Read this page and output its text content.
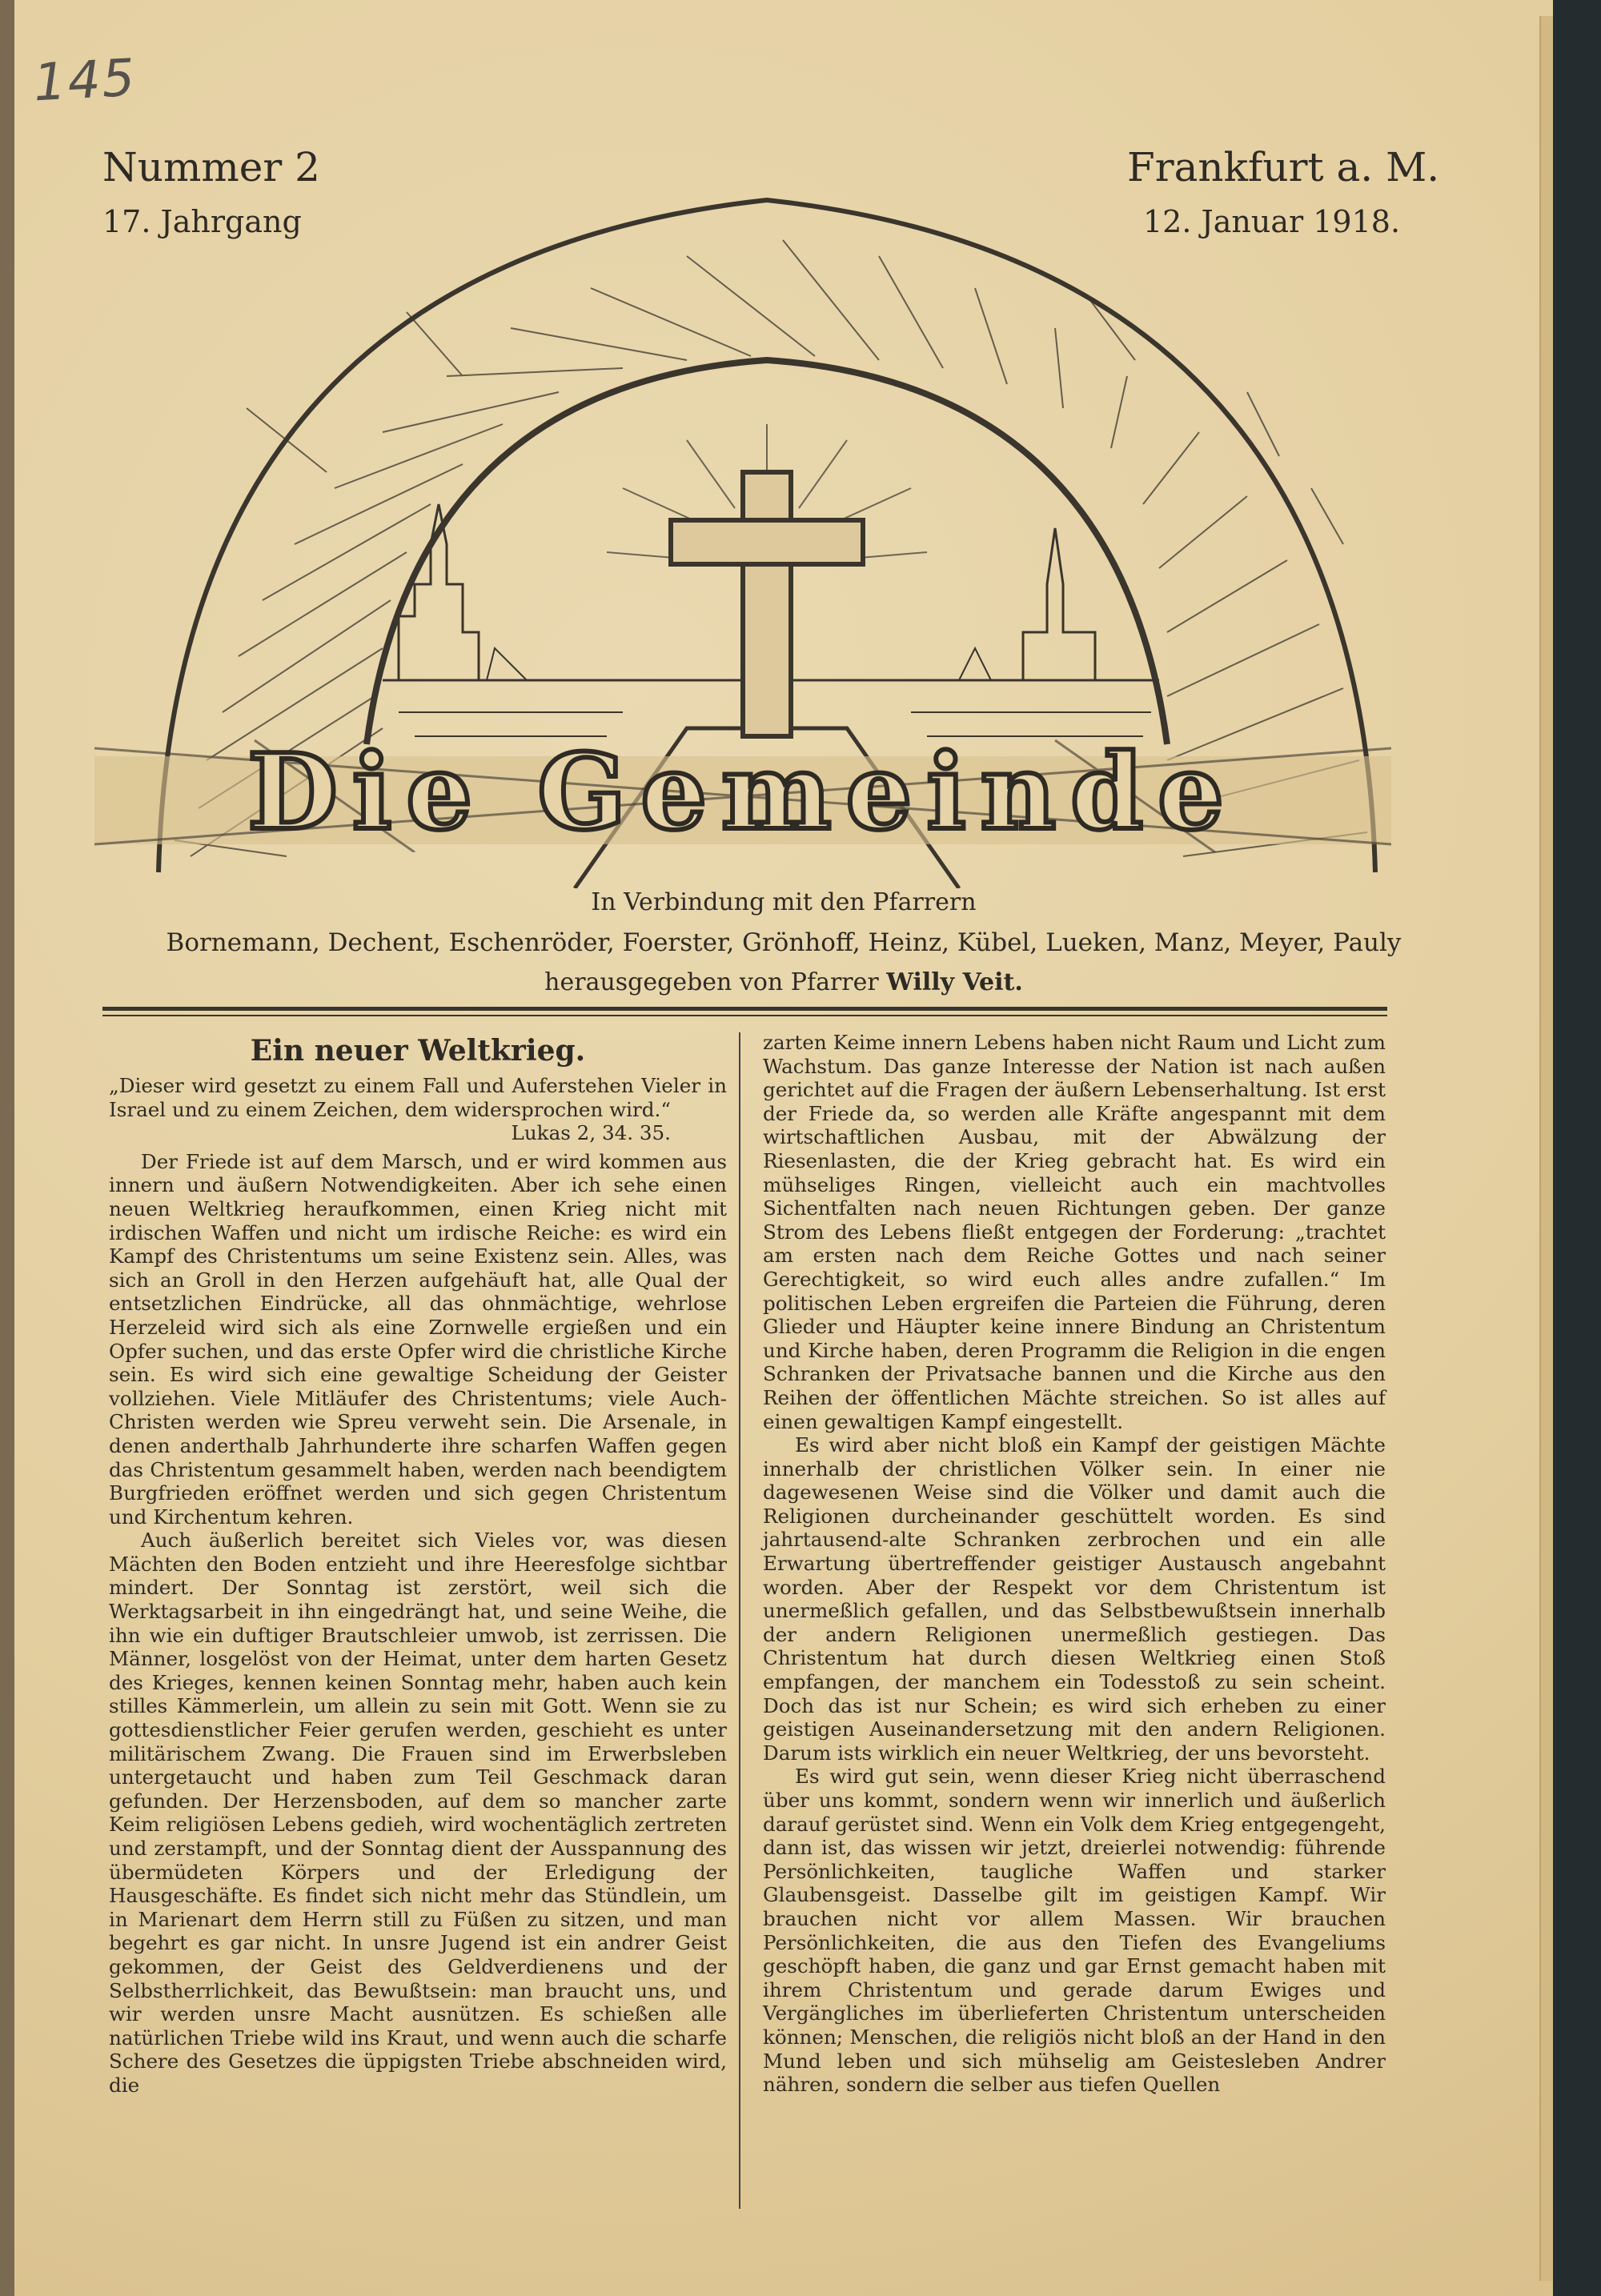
145
Nummer 2
17. Jahrgang
Frankfurt a. M.
12. Januar 1918.
Die Gemeinde
In Verbindung mit den Pfarrern
Bornemann, Dechent, Eschenröder, Foerster, Grönhoff, Heinz, Kübel, Lueken, Manz, Meyer, Pauly
herausgegeben von Pfarrer Willy Veit.
Ein neuer Weltkrieg.

„Dieser wird gesetzt zu einem Fall und Auferstehen Vieler in Israel und zu einem Zeichen, dem widersprochen wird.“

Lukas 2, 34. 35.

Der Friede ist auf dem Marsch, und er wird kommen aus innern und äußern Notwendigkeiten. Aber ich sehe einen neuen Weltkrieg heraufkommen, einen Krieg nicht mit irdischen Waffen und nicht um irdische Reiche: es wird ein Kampf des Christentums um seine Existenz sein. Alles, was sich an Groll in den Herzen aufgehäuft hat, alle Qual der entsetzlichen Eindrücke, all das ohnmächtige, wehrlose Herzeleid wird sich als eine Zornwelle ergießen und ein Opfer suchen, und das erste Opfer wird die christliche Kirche sein. Es wird sich eine gewaltige Scheidung der Geister vollziehen. Viele Mitläufer des Christentums; viele Auch-Christen werden wie Spreu verweht sein. Die Arsenale, in denen anderthalb Jahrhunderte ihre scharfen Waffen gegen das Christentum gesammelt haben, werden nach beendigtem Burgfrieden eröffnet werden und sich gegen Christentum und Kirchentum kehren.

Auch äußerlich bereitet sich Vieles vor, was diesen Mächten den Boden entzieht und ihre Heeresfolge sichtbar mindert. Der Sonntag ist zerstört, weil sich die Werktagsarbeit in ihn eingedrängt hat, und seine Weihe, die ihn wie ein duftiger Brautschleier umwob, ist zerrissen. Die Männer, losgelöst von der Heimat, unter dem harten Gesetz des Krieges, kennen keinen Sonntag mehr, haben auch kein stilles Kämmerlein, um allein zu sein mit Gott. Wenn sie zu gottesdienstlicher Feier gerufen werden, geschieht es unter militärischem Zwang. Die Frauen sind im Erwerbsleben untergetaucht und haben zum Teil Geschmack daran gefunden. Der Herzensboden, auf dem so mancher zarte Keim religiösen Lebens gedieh, wird wochentäglich zertreten und zerstampft, und der Sonntag dient der Ausspannung des übermüdeten Körpers und der Erledigung der Hausgeschäfte. Es findet sich nicht mehr das Stündlein, um in Marienart dem Herrn still zu Füßen zu sitzen, und man begehrt es gar nicht. In unsre Jugend ist ein andrer Geist gekommen, der Geist des Geldverdienens und der Selbstherrlichkeit, das Bewußtsein: man braucht uns, und wir werden unsre Macht ausnützen. Es schießen alle natürlichen Triebe wild ins Kraut, und wenn auch die scharfe Schere des Gesetzes die üppigsten Triebe abschneiden wird, die

zarten Keime innern Lebens haben nicht Raum und Licht zum Wachstum. Das ganze Interesse der Nation ist nach außen gerichtet auf die Fragen der äußern Lebenserhaltung. Ist erst der Friede da, so werden alle Kräfte angespannt mit dem wirtschaftlichen Ausbau, mit der Abwälzung der Riesenlasten, die der Krieg gebracht hat. Es wird ein mühseliges Ringen, vielleicht auch ein machtvolles Sichentfalten nach neuen Richtungen geben. Der ganze Strom des Lebens fließt entgegen der Forderung: „trachtet am ersten nach dem Reiche Gottes und nach seiner Gerechtigkeit, so wird euch alles andre zufallen.“ Im politischen Leben ergreifen die Parteien die Führung, deren Glieder und Häupter keine innere Bindung an Christentum und Kirche haben, deren Programm die Religion in die engen Schranken der Privatsache bannen und die Kirche aus den Reihen der öffentlichen Mächte streichen. So ist alles auf einen gewaltigen Kampf eingestellt.

Es wird aber nicht bloß ein Kampf der geistigen Mächte innerhalb der christlichen Völker sein. In einer nie dagewesenen Weise sind die Völker und damit auch die Religionen durcheinander geschüttelt worden. Es sind jahrtausend-alte Schranken zerbrochen und ein alle Erwartung übertreffender geistiger Austausch angebahnt worden. Aber der Respekt vor dem Christentum ist unermeßlich gefallen, und das Selbstbewußtsein innerhalb der andern Religionen unermeßlich gestiegen. Das Christentum hat durch diesen Weltkrieg einen Stoß empfangen, der manchem ein Todesstoß zu sein scheint. Doch das ist nur Schein; es wird sich erheben zu einer geistigen Auseinandersetzung mit den andern Religionen. Darum ists wirklich ein neuer Weltkrieg, der uns bevorsteht.

Es wird gut sein, wenn dieser Krieg nicht überraschend über uns kommt, sondern wenn wir innerlich und äußerlich darauf gerüstet sind. Wenn ein Volk dem Krieg entgegengeht, dann ist, das wissen wir jetzt, dreierlei notwendig: führende Persönlichkeiten, taugliche Waffen und starker Glaubensgeist. Dasselbe gilt im geistigen Kampf. Wir brauchen nicht vor allem Massen. Wir brauchen Persönlichkeiten, die aus den Tiefen des Evangeliums geschöpft haben, die ganz und gar Ernst gemacht haben mit ihrem Christentum und gerade darum Ewiges und Vergängliches im überlieferten Christentum unterscheiden können; Menschen, die religiös nicht bloß an der Hand in den Mund leben und sich mühselig am Geistesleben Andrer nähren, sondern die selber aus tiefen Quellen
